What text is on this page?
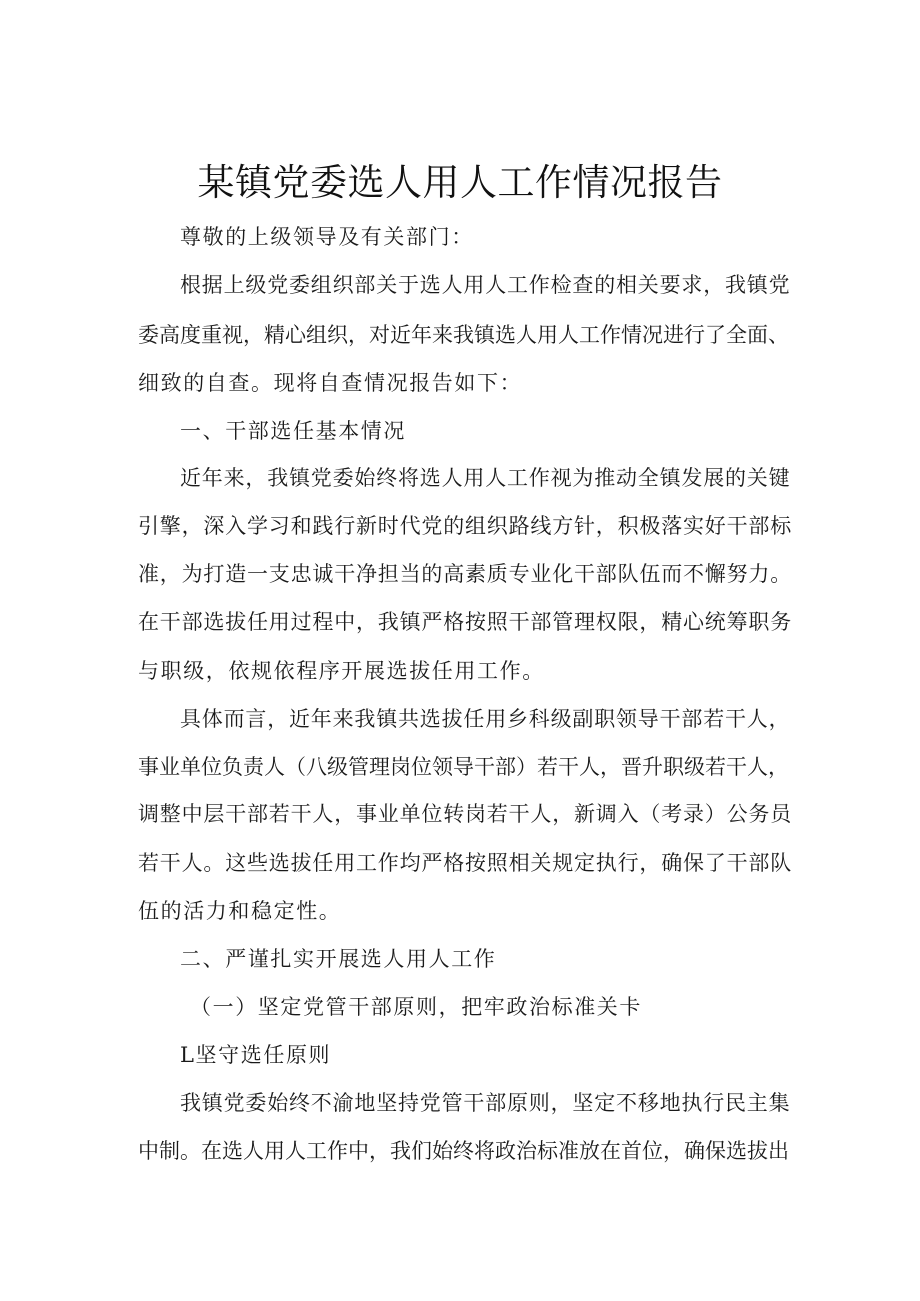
某镇党委选人用人工作情况报告
尊敬的上级领导及有关部门：
根据上级党委组织部关于选人用人工作检查的相关要求，我镇党
委高度重视，精心组织，对近年来我镇选人用人工作情况进行了全面、
细致的自查。现将自查情况报告如下：
一、干部选任基本情况
近年来，我镇党委始终将选人用人工作视为推动全镇发展的关键
引擎，深入学习和践行新时代党的组织路线方针，积极落实好干部标
准，为打造一支忠诚干净担当的高素质专业化干部队伍而不懈努力。
在干部选拔任用过程中，我镇严格按照干部管理权限，精心统筹职务
与职级，依规依程序开展选拔任用工作。
具体而言，近年来我镇共选拔任用乡科级副职领导干部若干人，
事业单位负责人（八级管理岗位领导干部）若干人，晋升职级若干人，
调整中层干部若干人，事业单位转岗若干人，新调入（考录）公务员
若干人。这些选拔任用工作均严格按照相关规定执行，确保了干部队
伍的活力和稳定性。
二、严谨扎实开展选人用人工作
（一）坚定党管干部原则，把牢政治标准关卡
L坚守选任原则
我镇党委始终不渝地坚持党管干部原则，坚定不移地执行民主集
中制。在选人用人工作中，我们始终将政治标准放在首位，确保选拔出
